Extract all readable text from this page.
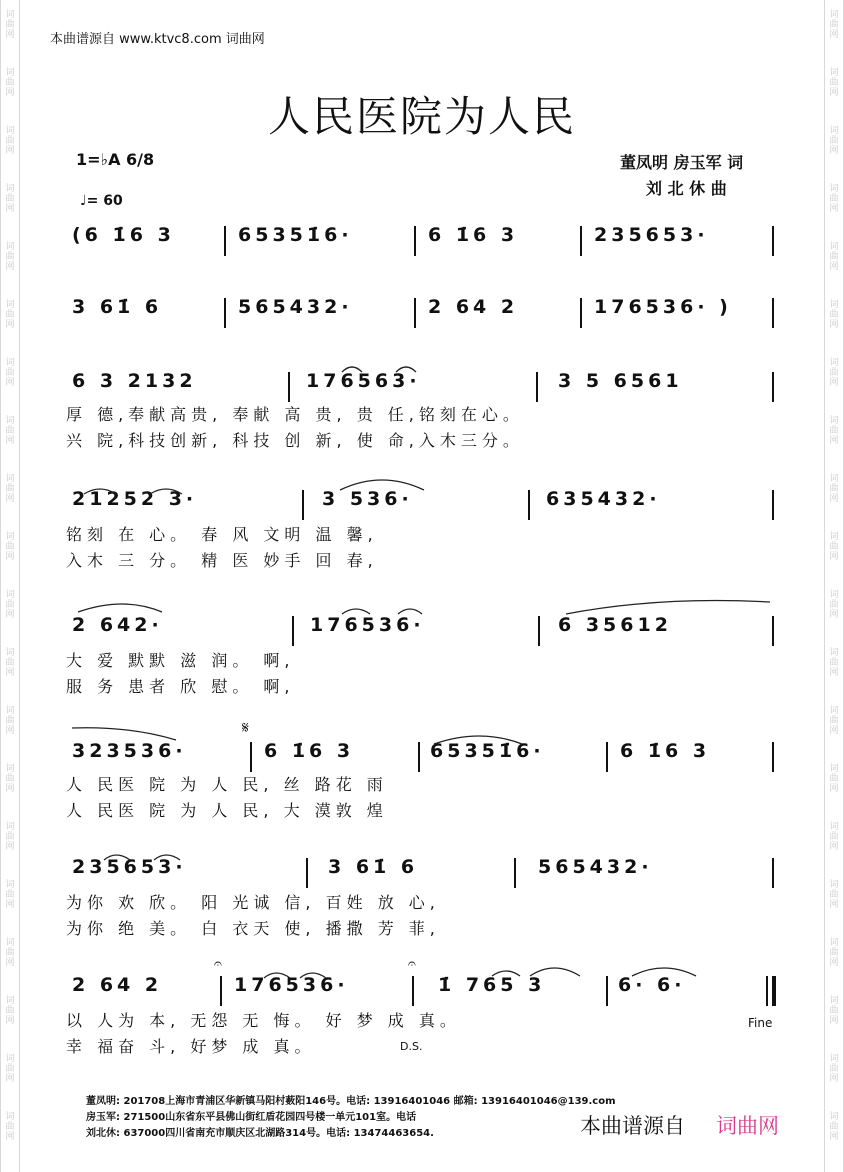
词
曲
网
词
曲
网
词
曲
网
词
曲
网
词
曲
网
词
曲
网
词
曲
网
词
曲
网
词
曲
网
词
曲
网
词
曲
网
词
曲
网
词
曲
网
词
曲
网
词
曲
网
词
曲
网
词
曲
网
词
曲
网
词
曲
网
词
曲
网
词
曲
网
词
曲
网
词
曲
网
词
曲
网
词
曲
网
词
曲
网
词
曲
网
词
曲
网
词
曲
网
词
曲
网
词
曲
网
词
曲
网
词
曲
网
词
曲
网
词
曲
网
词
曲
网
词
曲
网
词
曲
网
词
曲
网
词
曲
网
本曲谱源自 www.ktvc8.com 词曲网
人民医院为人民
1=♭A 6/8
♩= 60
董凤明 房玉军 词
刘 北 休 曲
(6 1̇6 3	65351̇6·	6 1̇6 3	235653·
3 61̇ 6	565432·	2 64 2	176536· )
6 3 2132	176563·	3 5 6561
厚 德,奉献高贵, 奉献 高 贵, 贵 任,铭刻在心。
兴 院,科技创新, 科技 创 新, 使 命,入木三分。
21252 3·	3 536·	635432·
铭刻 在 心。 春 风 文明 温 馨,
入木 三 分。 精 医 妙手 回 春,
2 642·	176536·	6 35612
大 爱 默默 滋 润。 啊,
服 务 患者 欣 慰。 啊,
𝄋
323536·	6 1̇6 3	65351̇6·	6 1̇6 3
人 民医 院 为 人 民, 丝 路花 雨
人 民医 院 为 人 民, 大 漠敦 煌
235653·	3 61̇ 6	565432·
为你 欢 欣。 阳 光诚 信, 百姓 放 心,
为你 绝 美。 白 衣天 使, 播撒 芳 菲,
𝄐	𝄐
2 64 2	176536·	1̇ 765 3	6· 6·
以 人为 本, 无怨 无 悔。 好 梦 成 真。
幸 福奋 斗, 好梦 成 真。
Fine
D.S.
董凤明: 201708上海市青浦区华新镇马阳村薮阳146号。电话: 13916401046 邮箱: 13916401046@139.com
房玉军: 271500山东省东平县佛山街红盾花园四号楼一单元101室。电话
刘北休: 637000四川省南充市顺庆区北湖路314号。电话: 13474463654.	本曲谱源自 词曲网
